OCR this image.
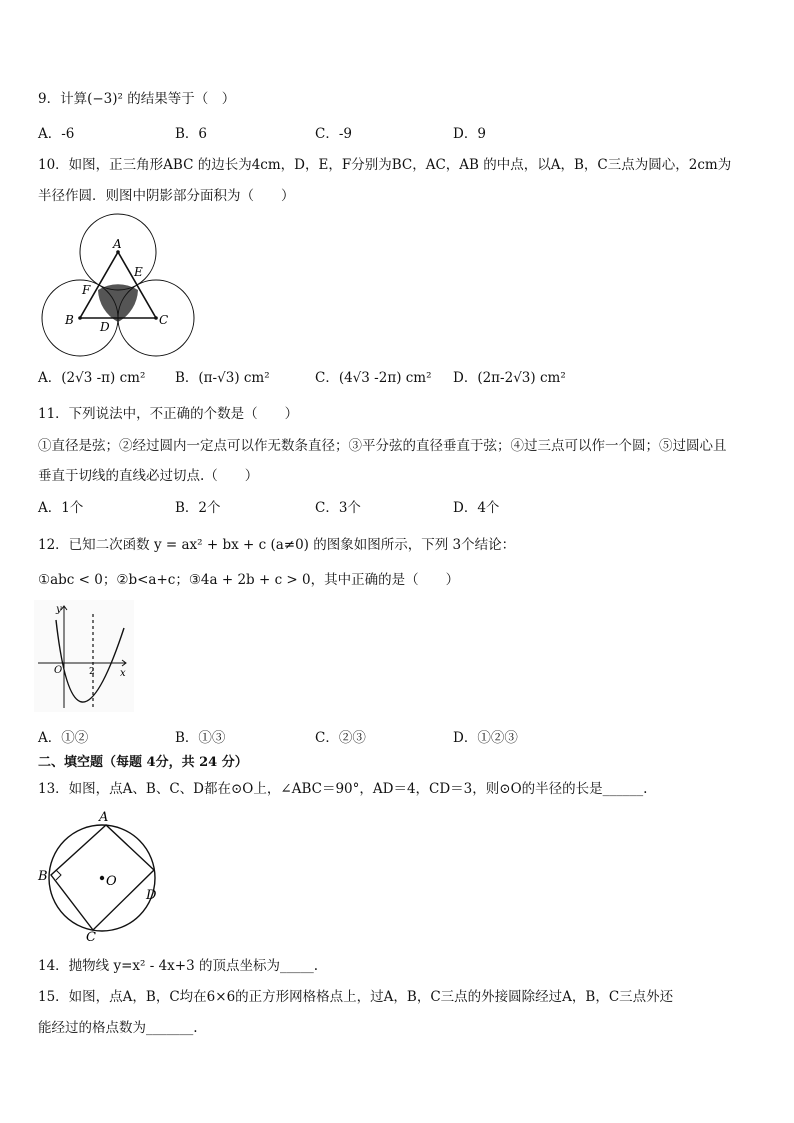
9．计算(−3)² 的结果等于（　）
A．-6	B．6	C．-9	D．9
10．如图，正三角形ABC 的边长为4cm，D，E，F分别为BC，AC，AB 的中点，以A，B，C三点为圆心，2cm为
半径作圆．则图中阴影部分面积为（　　）
A
E
F
B D	C
A．(2√3 -π) cm² B．(π-√3) cm²	C．(4√3 -2π) cm² D．(2π-2√3) cm²
11．下列说法中，不正确的个数是（　　）
①直径是弦；②经过圆内一定点可以作无数条直径；③平分弦的直径垂直于弦；④过三点可以作一个圆；⑤过圆心且
垂直于切线的直线必过切点.（　　）
A．1个	B．2个	C．3个	D．4个
12．已知二次函数 y = ax² + bx + c (a≠0) 的图象如图所示，下列 3个结论：
①abc < 0；②b<a+c；③4a + 2b + c > 0，其中正确的是（　　）
y
O	2	x
A．①②	B．①③	C．②③	D．①②③
二、填空题（每题 4分，共 24 分）
13．如图，点A、B、C、D都在⊙O上，∠ABC＝90°，AD＝4，CD＝3，则⊙O的半径的长是______.
A
B	O
D
C
14．抛物线 y=x² - 4x+3 的顶点坐标为_____.
15．如图，点A，B，C均在6×6的正方形网格格点上，过A，B，C三点的外接圆除经过A，B，C三点外还
能经过的格点数为_______.
